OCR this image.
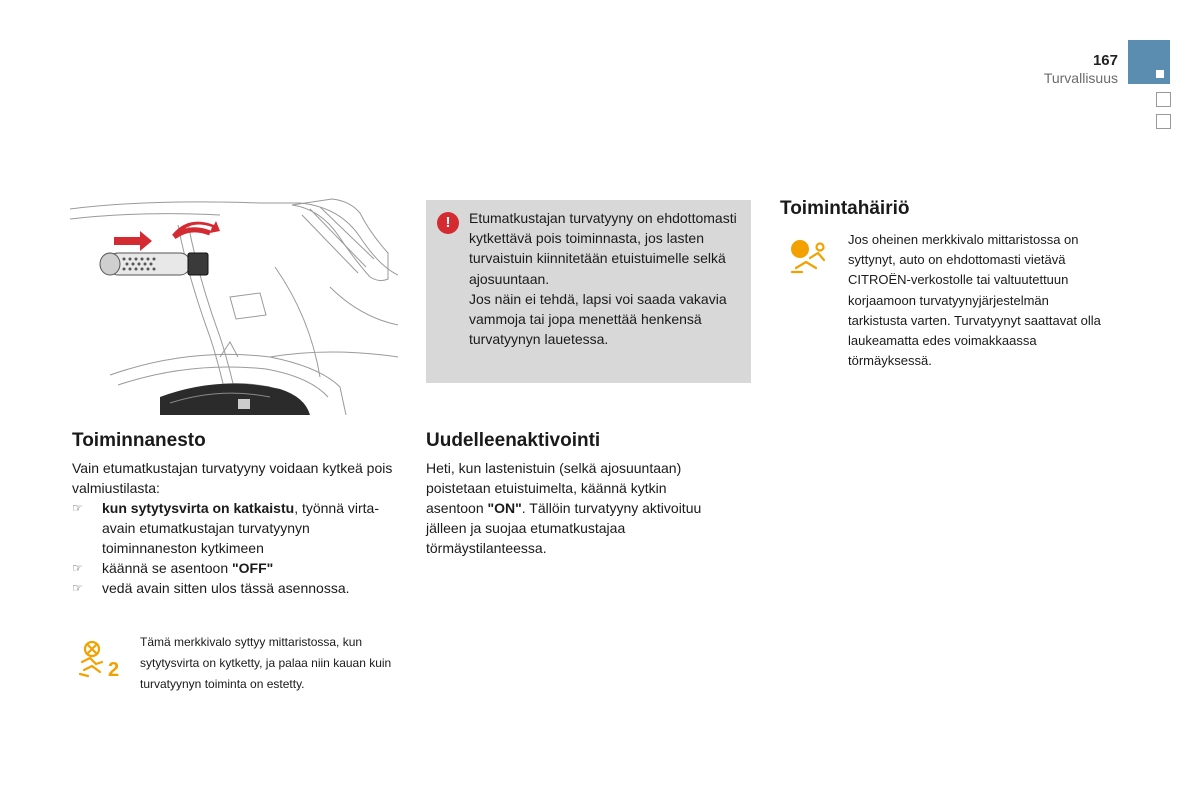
167
Turvallisuus
Toiminnanesto
Vain etumatkustajan turvatyyny voidaan kytkeä pois valmiustilasta:
☞ kun sytytysvirta on katkaistu, työnnä virta-avain etumatkustajan turvatyynyn toiminnaneston kytkimeen
☞ käännä se asentoon "OFF"
☞ vedä avain sitten ulos tässä asennossa.
2
Tämä merkkivalo syttyy mittaristossa, kun sytytysvirta on kytketty, ja palaa niin kauan kuin turvatyynyn toiminta on estetty.
!	Etumatkustajan turvatyyny on ehdottomasti kytkettävä pois toiminnasta, jos lasten turvaistuin kiinnitetään etuistuimelle selkä ajosuuntaan.
Jos näin ei tehdä, lapsi voi saada vakavia vammoja tai jopa menettää henkensä turvatyynyn lauetessa.
Uudelleenaktivointi
Heti, kun lastenistuin (selkä ajosuuntaan) poistetaan etuistuimelta, käännä kytkin asentoon "ON". Tällöin turvatyyny aktivoituu jälleen ja suojaa etumatkustajaa törmäystilanteessa.
Toimintahäiriö
Jos oheinen merkkivalo mittaristossa on syttynyt, auto on ehdottomasti vietävä CITROËN-verkostolle tai valtuutettuun korjaamoon turvatyynyjärjestelmän tarkistusta varten. Turvatyynyt saattavat olla laukeamatta edes voimakkaassa törmäyksessä.
